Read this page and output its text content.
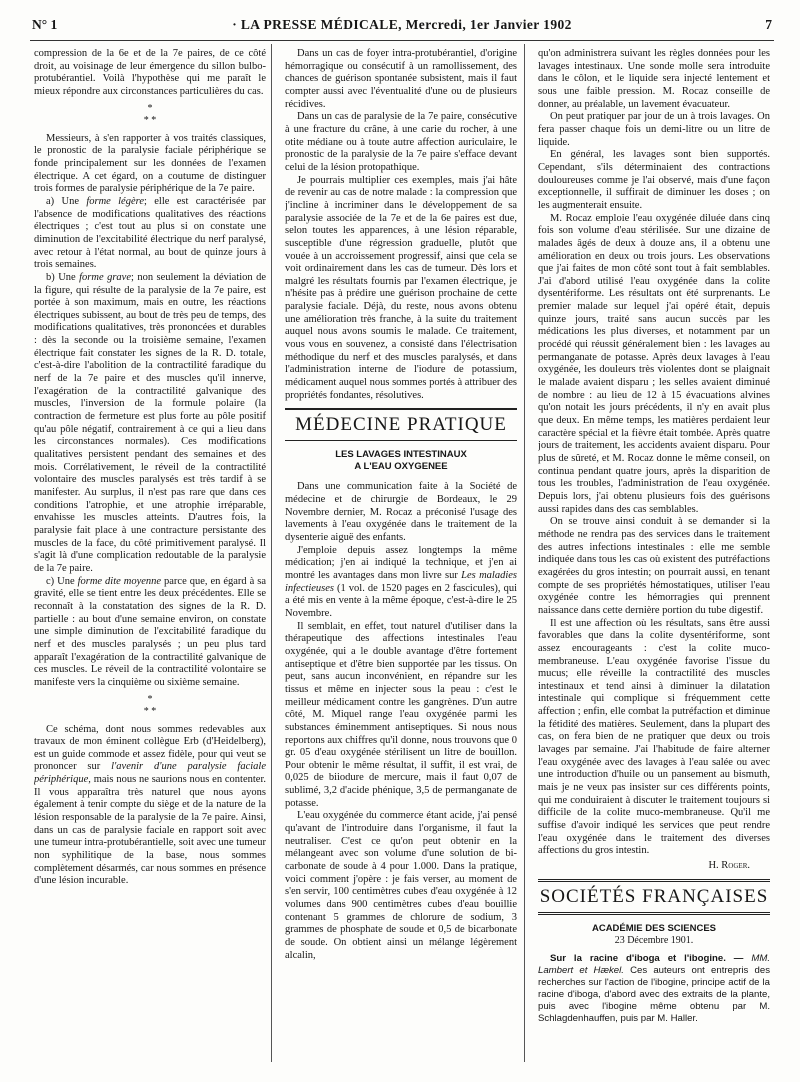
N° 1	· LA PRESSE MÉDICALE, Mercredi, 1er Janvier 1902	7

compression de la 6e et de la 7e paires, de ce côté droit, au voisinage de leur émergence du sillon bulbo-protubérantiel. Voilà l'hypothèse qui me paraît le mieux répondre aux circonstances particulières du cas.

*
* *

Messieurs, à s'en rapporter à vos traités classiques, le pronostic de la paralysie faciale périphérique se fonde principalement sur les données de l'examen électrique. A cet égard, on a coutume de distinguer trois formes de paralysie périphérique de la 7e paire.

a) Une forme légère; elle est caractérisée par l'absence de modifications qualitatives des réactions électriques ; c'est tout au plus si on constate une diminution de l'excitabilité électrique du nerf paralysé, avec retour à l'état normal, au bout de quinze jours à trois semaines.

b) Une forme grave; non seulement la déviation de la figure, qui résulte de la paralysie de la 7e paire, est portée à son maximum, mais en outre, les réactions électriques subissent, au bout de très peu de temps, des modifications qualitatives, très prononcées et durables : dès la seconde ou la troisième semaine, l'examen électrique fait constater les signes de la R. D. totale, c'est-à-dire l'abolition de la contractilité faradique du nerf de la 7e paire et des muscles qu'il innerve, l'exagération de la contractilité galvanique des muscles, l'inversion de la formule polaire (la contraction de fermeture est plus forte au pôle positif qu'au pôle négatif, contrairement à ce qui a lieu dans les circonstances normales). Ces modifications qualitatives persistent pendant des semaines et des mois. Corrélativement, le réveil de la contractilité volontaire des muscles paralysés est très tardif à se manifester. Au surplus, il n'est pas rare que dans ces conditions l'atrophie, et une atrophie irréparable, envahisse les muscles atteints. D'autres fois, la paralysie fait place à une contracture persistante des muscles de la face, du côté primitivement paralysé. Il s'agit là d'une complication redoutable de la paralysie de la 7e paire.

c) Une forme dite moyenne parce que, en égard à sa gravité, elle se tient entre les deux précédentes. Elle se reconnaît à la constatation des signes de la R. D. partielle : au bout d'une semaine environ, on constate une simple diminution de l'excitabilité faradique du nerf et des muscles paralysés ; un peu plus tard apparaît l'exagération de la contractilité galvanique de ces muscles. Le réveil de la contractilité volontaire se manifeste vers la cinquième ou sixième semaine.

*
* *

Ce schéma, dont nous sommes redevables aux travaux de mon éminent collègue Erb (d'Heidelberg), est un guide commode et assez fidèle, pour qui veut se prononcer sur l'avenir d'une paralysie faciale périphérique, mais nous ne saurions nous en contenter. Il vous apparaîtra très naturel que nous ayons également à tenir compte du siège et de la nature de la lésion responsable de la paralysie de la 7e paire. Ainsi, dans un cas de paralysie faciale en rapport soit avec une tumeur intra-protubérantielle, soit avec une tumeur non syphilitique de la base, nous sommes complètement désarmés, car nous sommes en présence d'une lésion incurable.

Dans un cas de foyer intra-protubérantiel, d'origine hémorragique ou consécutif à un ramollissement, des chances de guérison spontanée subsistent, mais il faut compter aussi avec l'éventualité d'une ou de plusieurs récidives.

Dans un cas de paralysie de la 7e paire, consécutive à une fracture du crâne, à une carie du rocher, à une otite médiane ou à toute autre affection auriculaire, le pronostic de la paralysie de la 7e paire s'efface devant celui de la lésion protopathique.

Je pourrais multiplier ces exemples, mais j'ai hâte de revenir au cas de notre malade : la compression que j'incline à incriminer dans le développement de sa paralysie associée de la 7e et de la 6e paires est due, selon toutes les apparences, à une lésion réparable, susceptible d'une régression graduelle, plutôt que vouée à un accroissement progressif, ainsi que cela se voit ordinairement dans les cas de tumeur. Dès lors et malgré les résultats fournis par l'examen électrique, je n'hésite pas à prédire une guérison prochaine de cette paralysie faciale. Déjà, du reste, nous avons obtenu une amélioration très franche, à la suite du traitement auquel nous avons soumis le malade. Ce traitement, vous vous en souvenez, a consisté dans l'électrisation méthodique du nerf et des muscles paralysés, et dans l'administration interne de l'iodure de potassium, médicament auquel nous sommes portés à attribuer des propriétés fondantes, résolutives.

MÉDECINE PRATIQUE
LES LAVAGES INTESTINAUX
A L'EAU OXYGENEE

Dans une communication faite à la Société de médecine et de chirurgie de Bordeaux, le 29 Novembre dernier, M. Rocaz a préconisé l'usage des lavements à l'eau oxygénée dans le traitement de la dysenterie aiguë des enfants.

J'emploie depuis assez longtemps la même médication; j'en ai indiqué la technique, et j'en ai montré les avantages dans mon livre sur Les maladies infectieuses (1 vol. de 1520 pages en 2 fascicules), qui a été mis en vente à la même époque, c'est-à-dire le 25 Novembre.

Il semblait, en effet, tout naturel d'utiliser dans la thérapeutique des affections intestinales l'eau oxygénée, qui a le double avantage d'être fortement antiseptique et d'être bien supportée par les tissus. On peut, sans aucun inconvénient, en répandre sur les tissus et même en injecter sous la peau : c'est le meilleur médicament contre les gangrènes. D'un autre côté, M. Miquel range l'eau oxygénée parmi les substances éminemment antiseptiques. Si nous nous reportons aux chiffres qu'il donne, nous trouvons que 0 gr. 05 d'eau oxygénée stérilisent un litre de bouillon. Pour obtenir le même résultat, il suffit, il est vrai, de 0,025 de biiodure de mercure, mais il faut 0,07 de sublimé, 3,2 d'acide phénique, 3,5 de permanganate de potasse.

L'eau oxygénée du commerce étant acide, j'ai pensé qu'avant de l'introduire dans l'organisme, il faut la neutraliser. C'est ce qu'on peut obtenir en la mélangeant avec son volume d'une solution de bi-carbonate de soude à 4 pour 1.000. Dans la pratique, voici comment j'opère : je fais verser, au moment de s'en servir, 100 centimètres cubes d'eau oxygénée à 12 volumes dans 900 centimètres cubes d'eau bouillie contenant 5 grammes de chlorure de sodium, 3 grammes de phosphate de soude et 0,5 de bicarbonate de soude. On obtient ainsi un mélange légèrement alcalin,

qu'on administrera suivant les règles données pour les lavages intestinaux. Une sonde molle sera introduite dans le côlon, et le liquide sera injecté lentement et sous une faible pression. M. Rocaz conseille de donner, au préalable, un lavement évacuateur.

On peut pratiquer par jour de un à trois lavages. On fera passer chaque fois un demi-litre ou un litre de liquide.

En général, les lavages sont bien supportés. Cependant, s'ils déterminaient des contractions douloureuses comme je l'ai observé, mais d'une façon exceptionnelle, il suffirait de diminuer les doses ; on les augmenterait ensuite.

M. Rocaz emploie l'eau oxygénée diluée dans cinq fois son volume d'eau stérilisée. Sur une dizaine de malades âgés de deux à douze ans, il a obtenu une amélioration en deux ou trois jours. Les observations que j'ai faites de mon côté sont tout à fait semblables. J'ai d'abord utilisé l'eau oxygénée dans la colite dysentériforme. Les résultats ont été surprenants. Le premier malade sur lequel j'ai opéré était, depuis quinze jours, traité sans aucun succès par les médications les plus diverses, et notamment par un procédé qui réussit généralement bien : les lavages au permanganate de potasse. Après deux lavages à l'eau oxygénée, les douleurs très violentes dont se plaignait le malade avaient disparu ; les selles avaient diminué de nombre : au lieu de 12 à 15 évacuations alvines qu'on notait les jours précédents, il n'y en avait plus que deux. En même temps, les matières perdaient leur caractère spécial et la fièvre était tombée. Après quatre jours de traitement, les accidents avaient disparu. Pour plus de sûreté, et M. Rocaz donne le même conseil, on continua pendant quatre jours, après la disparition de tous les troubles, l'administration de l'eau oxygénée. Depuis lors, j'ai obtenu plusieurs fois des guérisons aussi rapides dans des cas semblables.

On se trouve ainsi conduit à se demander si la méthode ne rendra pas des services dans le traitement des autres infections intestinales : elle me semble indiquée dans tous les cas où existent des putréfactions exagérées du gros intestin; on pourrait aussi, en tenant compte de ses propriétés hémostatiques, utiliser l'eau oxygénée contre les hémorragies qui prennent naissance dans cette dernière portion du tube digestif.

Il est une affection où les résultats, sans être aussi favorables que dans la colite dysentériforme, sont assez encourageants : c'est la colite muco-membraneuse. L'eau oxygénée favorise l'issue du mucus; elle réveille la contractilité des muscles intestinaux et tend ainsi à diminuer la dilatation intestinale qui complique si fréquemment cette affection ; enfin, elle combat la putréfaction et diminue la fétidité des matières. Seulement, dans la plupart des cas, on fera bien de ne pratiquer que deux ou trois lavages par semaine. J'ai l'habitude de faire alterner l'eau oxygénée avec des lavages à l'eau salée ou avec une introduction d'huile ou un pansement au bismuth, mais je ne veux pas insister sur ces différents points, qui me conduiraient à discuter le traitement toujours si difficile de la colite muco-membraneuse. Qu'il me suffise d'avoir indiqué les services que peut rendre l'eau oxygénée dans le traitement des diverses affections du gros intestin.

H. Roger.
SOCIÉTÉS FRANÇAISES
ACADÉMIE DES SCIENCES
23 Décembre 1901.

Sur la racine d'iboga et l'ibogine. — MM. Lambert et Hækel. Ces auteurs ont entrepris des recherches sur l'action de l'ibogine, principe actif de la racine d'iboga, d'abord avec des extraits de la plante, puis avec l'ibogine même obtenu par M. Schlagdenhauffen, puis par M. Haller.
